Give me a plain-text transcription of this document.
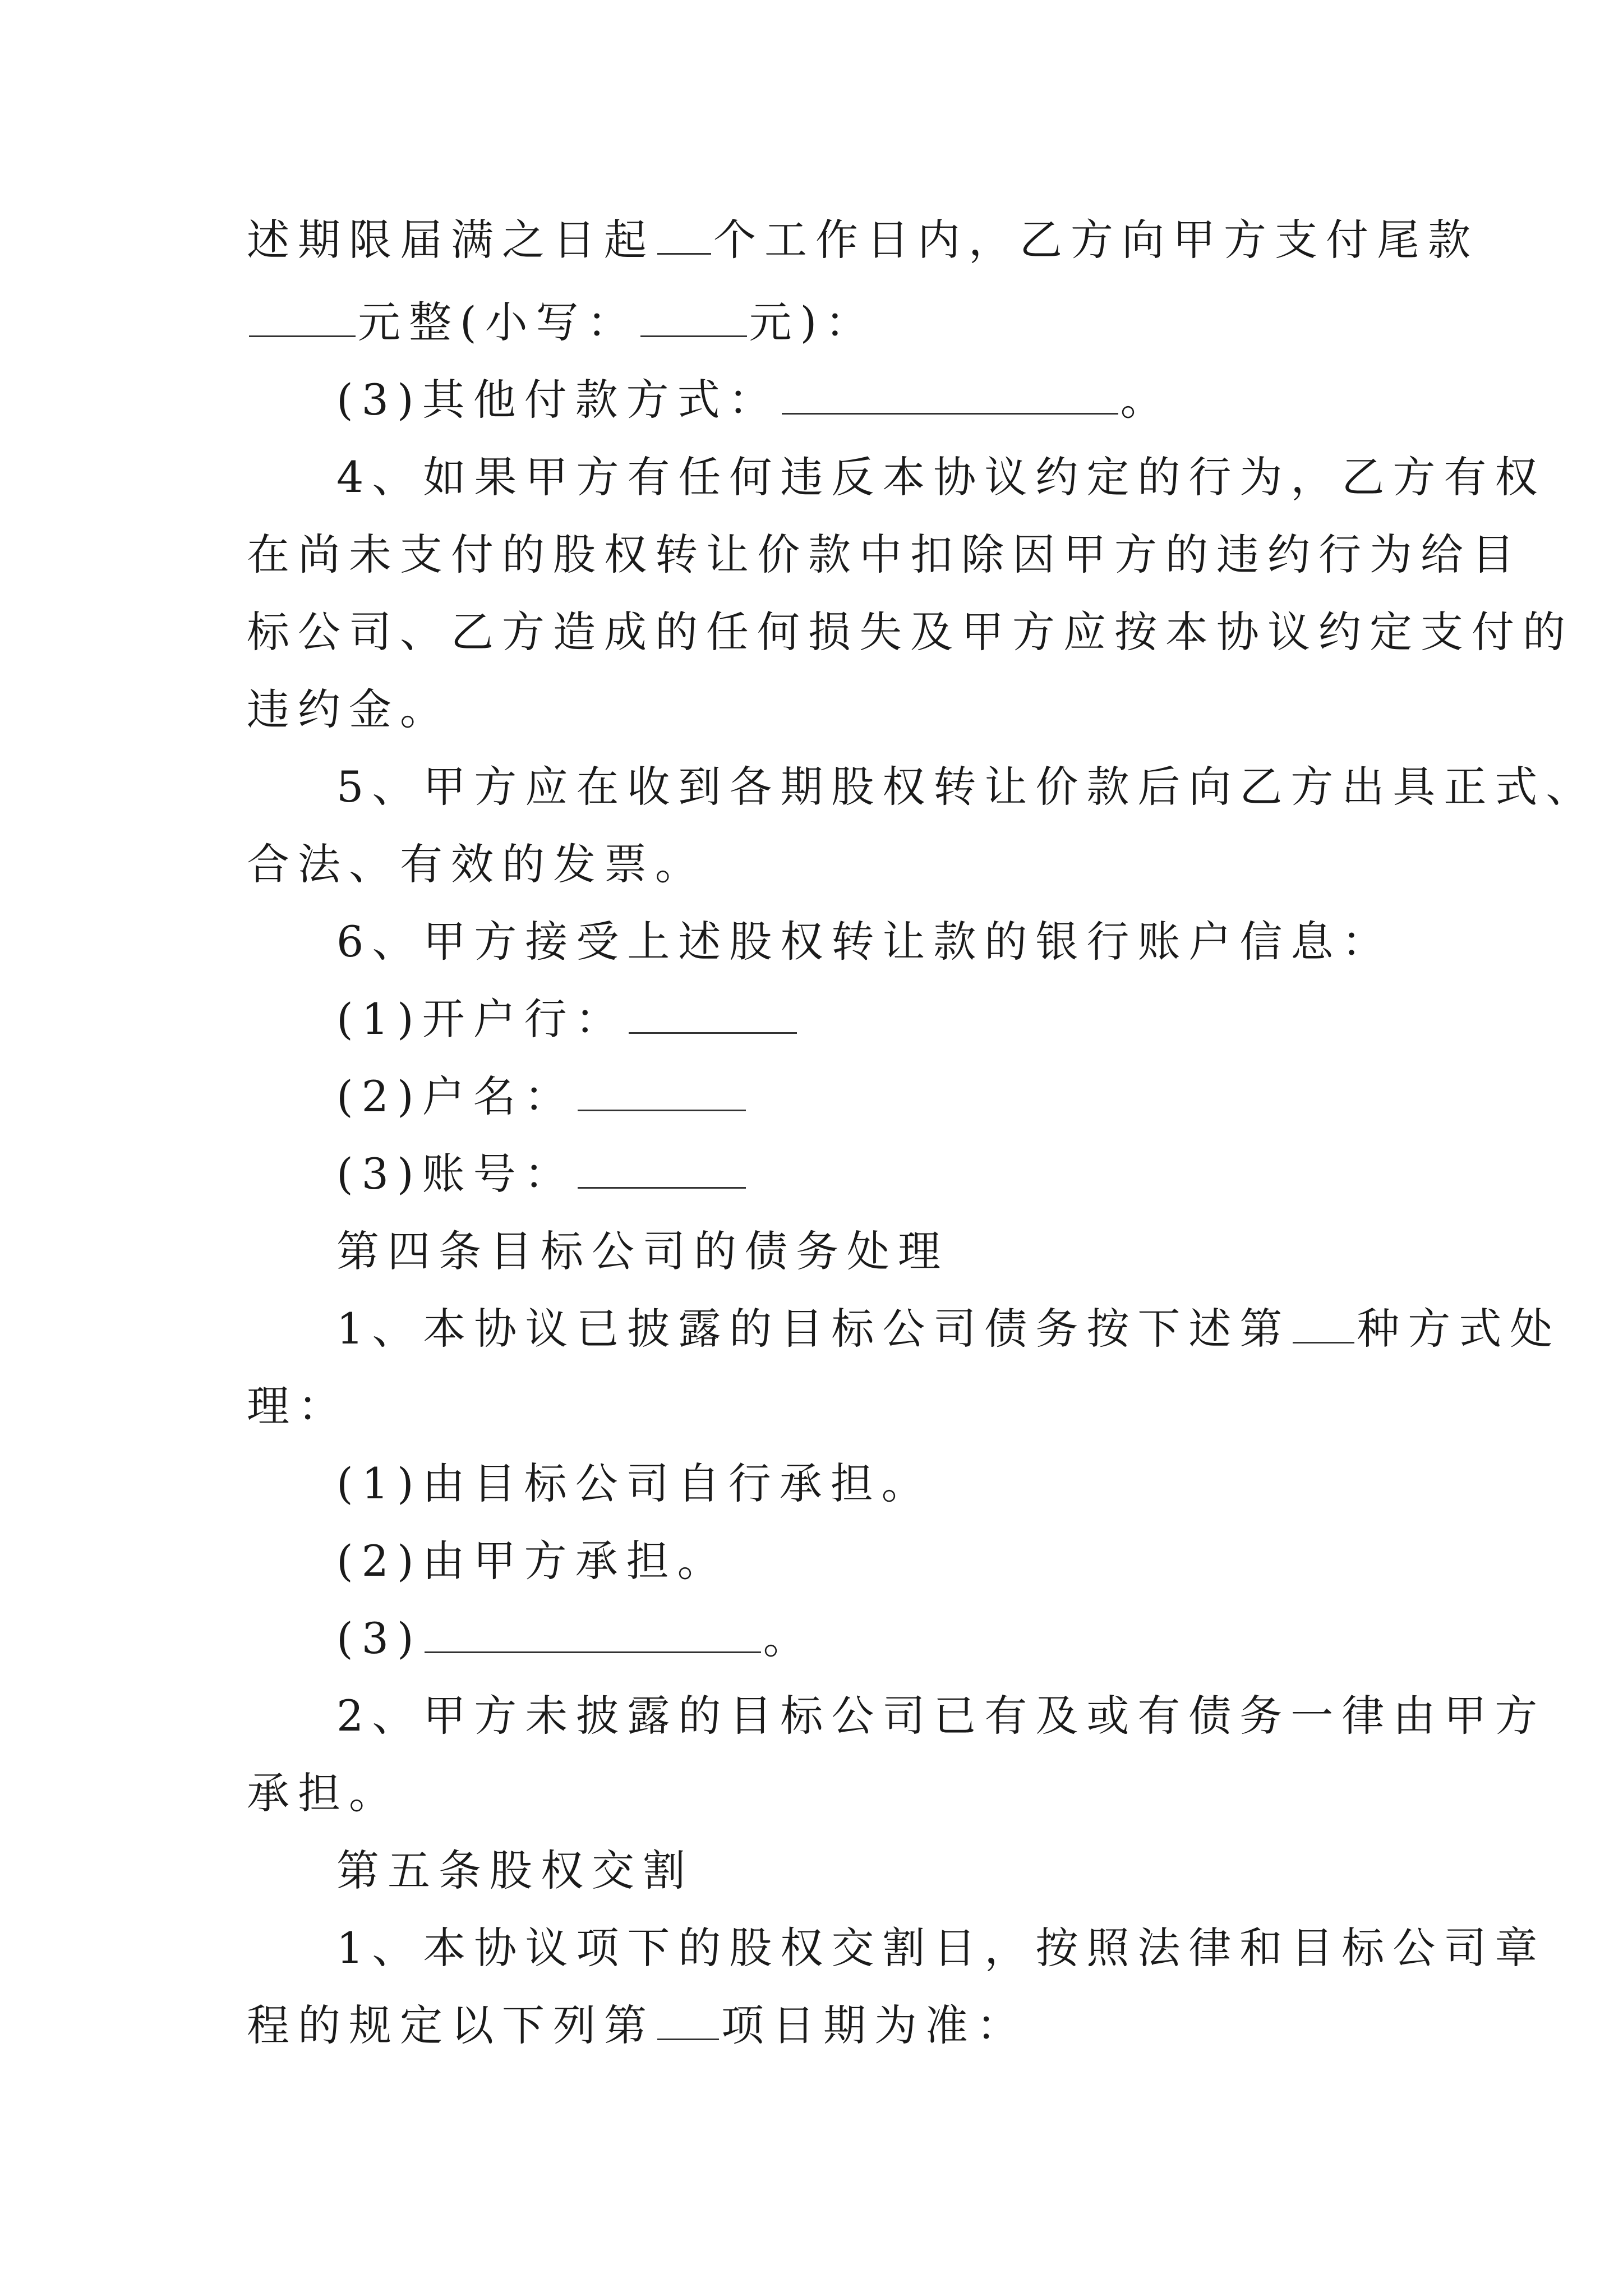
述期限届满之日起 个工作日内，乙方向甲方支付尾款
元整(小写：	元)：
(3)其他付款方式：	。
4、如果甲方有任何违反本协议约定的行为，乙方有权
在尚未支付的股权转让价款中扣除因甲方的违约行为给目
标公司、乙方造成的任何损失及甲方应按本协议约定支付的
违约金。
5、甲方应在收到各期股权转让价款后向乙方出具正式、
合法、有效的发票。
6、甲方接受上述股权转让款的银行账户信息：
(1)开户行：
(2)户名：
(3)账号：
第四条目标公司的债务处理
1、本协议已披露的目标公司债务按下述第 种方式处
理：
(1)由目标公司自行承担。
(2)由甲方承担。
(3)	。
2、甲方未披露的目标公司已有及或有债务一律由甲方
承担。
第五条股权交割
1、本协议项下的股权交割日，按照法律和目标公司章
程的规定以下列第 项日期为准：
